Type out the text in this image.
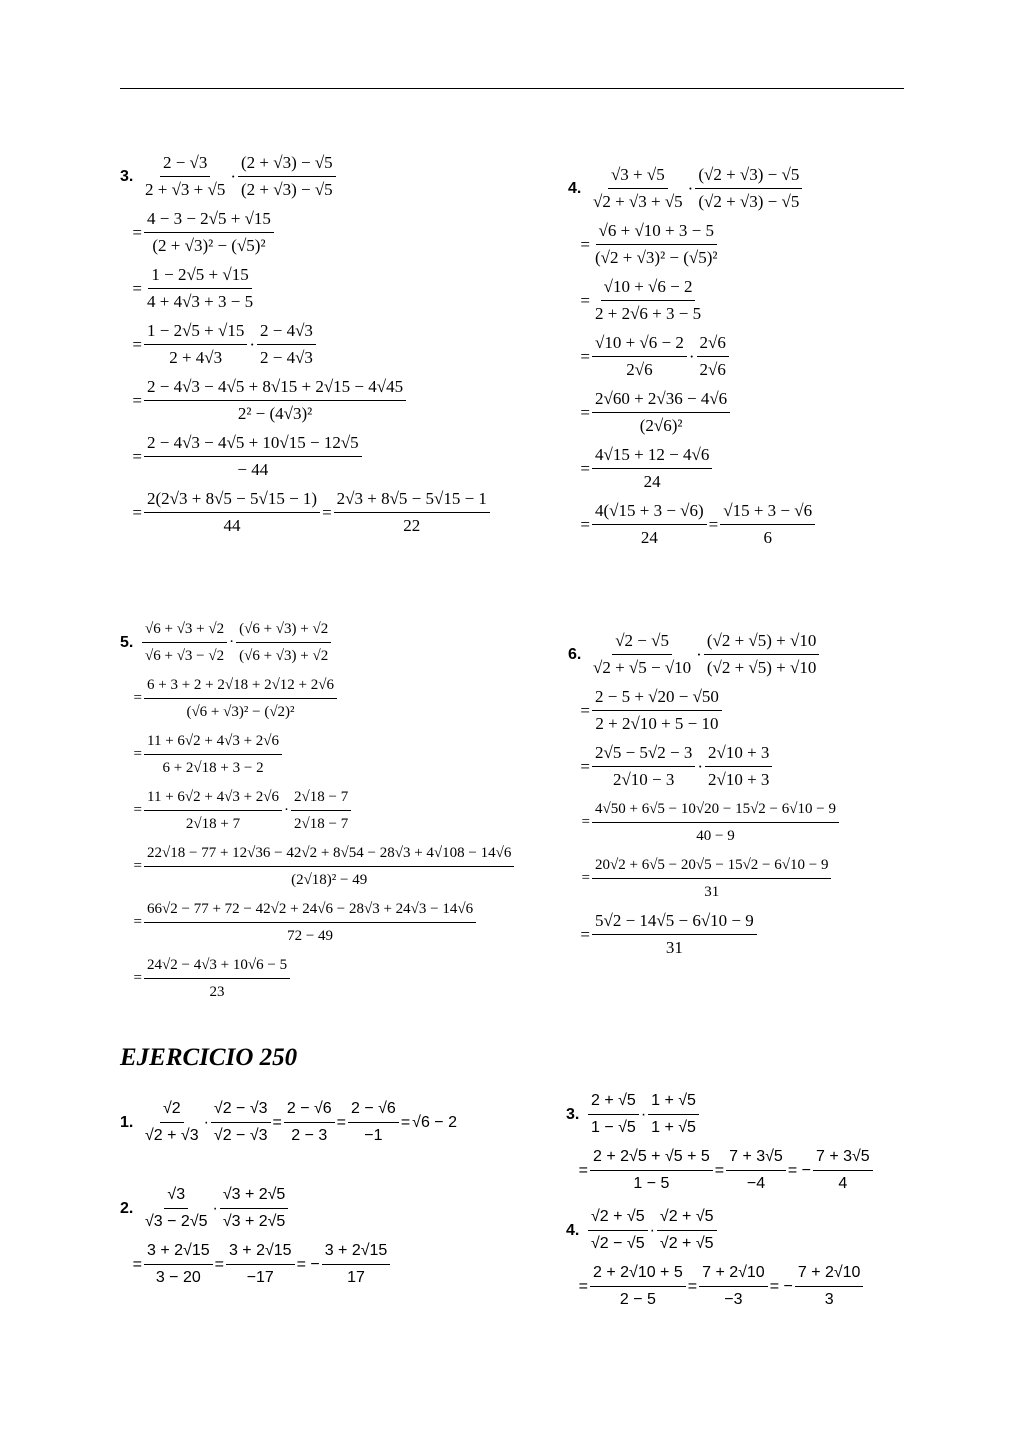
3. $\frac{2 - √3}{2 + √3 + √5} \cdot \frac{(2 + √3) - √5}{(2 + √3) - √5}$
= $\frac{4 - 3 - 2√5 + √15}{\text{(2 + √3)² − (√5)²}}$
= $\frac{1 - 2√5 + √15}{4 + 4√3 + 3 - 5}$
= $\frac{1 - 2√5 + √15}{2 + 4√3} \cdot \frac{2 - 4√3}{2 - 4√3}$
= $\frac{2 - 4√3 - 4√5 + 8√15 + 2√15 - 4√45}{\text{2² − (4√3)²}}$
= $\frac{2 - 4√3 - 4√5 + 10√15 - 12√5}{- 44}$
= $\frac{2(2√3 + 8√5 - 5√15 - 1)}{44} = \frac{2√3 + 8√5 - 5√15 - 1}{22}$
4. $\frac{√3 + √5}{√2 + √3 + √5} \cdot \frac{(√2 + √3) - √5}{(√2 + √3) - √5}$
= $\frac{√6 + √10 + 3 - 5}{\text{(√2 + √3)² − (√5)²}}$
= $\frac{√10 + √6 - 2}{2 + 2√6 + 3 - 5}$
= $\frac{√10 + √6 - 2}{2√6} \cdot \frac{2√6}{2√6}$
= $\frac{2√60 + 2√36 - 4√6}{\text{(2√6)²}}$
= $\frac{4√15 + 12 - 4√6}{24}$
= $\frac{4(√15 + 3 - √6)}{24} = \frac{√15 + 3 - √6}{6}$
5. $\frac{√6 + √3 + √2}{√6 + √3 - √2} \cdot \frac{(√6 + √3) + √2}{(√6 + √3) + √2}$
= $\frac{6 + 3 + 2 + 2√18 + 2√12 + 2√6}{\text{(√6 + √3)² − (√2)²}}$
= $\frac{11 + 6√2 + 4√3 + 2√6}{6 + 2√18 + 3 - 2}$
= $\frac{11 + 6√2 + 4√3 + 2√6}{2√18 + 7} \cdot \frac{2√18 - 7}{2√18 - 7}$
= $\frac{22√18 - 77 + 12√36 - 42√2 + 8√54 - 28√3 + 4√108 - 14√6}{\text{(2√18)² − 49}}$
= $\frac{66√2 - 77 + 72 - 42√2 + 24√6 - 28√3 + 24√3 - 14√6}{72 - 49}$
= $\frac{24√2 - 4√3 + 10√6 - 5}{23}$
6. $\frac{√2 - √5}{√2 + √5 - √10} \cdot \frac{(√2 + √5) + √10}{(√2 + √5) + √10}$
= $\frac{2 - 5 + √20 - √50}{2 + 2√10 + 5 - 10}$
= $\frac{2√5 - 5√2 - 3}{2√10 - 3} \cdot \frac{2√10 + 3}{2√10 + 3}$
= $\frac{4√50 + 6√5 - 10√20 - 15√2 - 6√10 - 9}{40 - 9}$
= $\frac{20√2 + 6√5 - 20√5 - 15√2 - 6√10 - 9}{31}$
= $\frac{5√2 - 14√5 - 6√10 - 9}{31}$
EJERCICIO 250
1. $\frac{√2}{√2 + √3} \cdot \frac{√2 - √3}{√2 - √3} = \frac{2 - √6}{2 - 3} = \frac{2 - √6}{-1} = √6 - 2$
2. $\frac{√3}{√3 - 2√5} \cdot \frac{√3 + 2√5}{√3 + 2√5}$
= $\frac{3 + 2√15}{3 - 20} = \frac{3 + 2√15}{-17}$ = − $\frac{3 + 2√15}{17}$
3. $\frac{2 + √5}{1 - √5} \cdot \frac{1 + √5}{1 + √5}$
= $\frac{2 + 2√5 + √5 + 5}{1 - 5} = \frac{7 + 3√5}{-4}$ = − $\frac{7 + 3√5}{4}$
4. $\frac{√2 + √5}{√2 - √5} \cdot \frac{√2 + √5}{√2 + √5}$
= $\frac{2 + 2√10 + 5}{2 - 5} = \frac{7 + 2√10}{-3}$ = − $\frac{7 + 2√10}{3}$
